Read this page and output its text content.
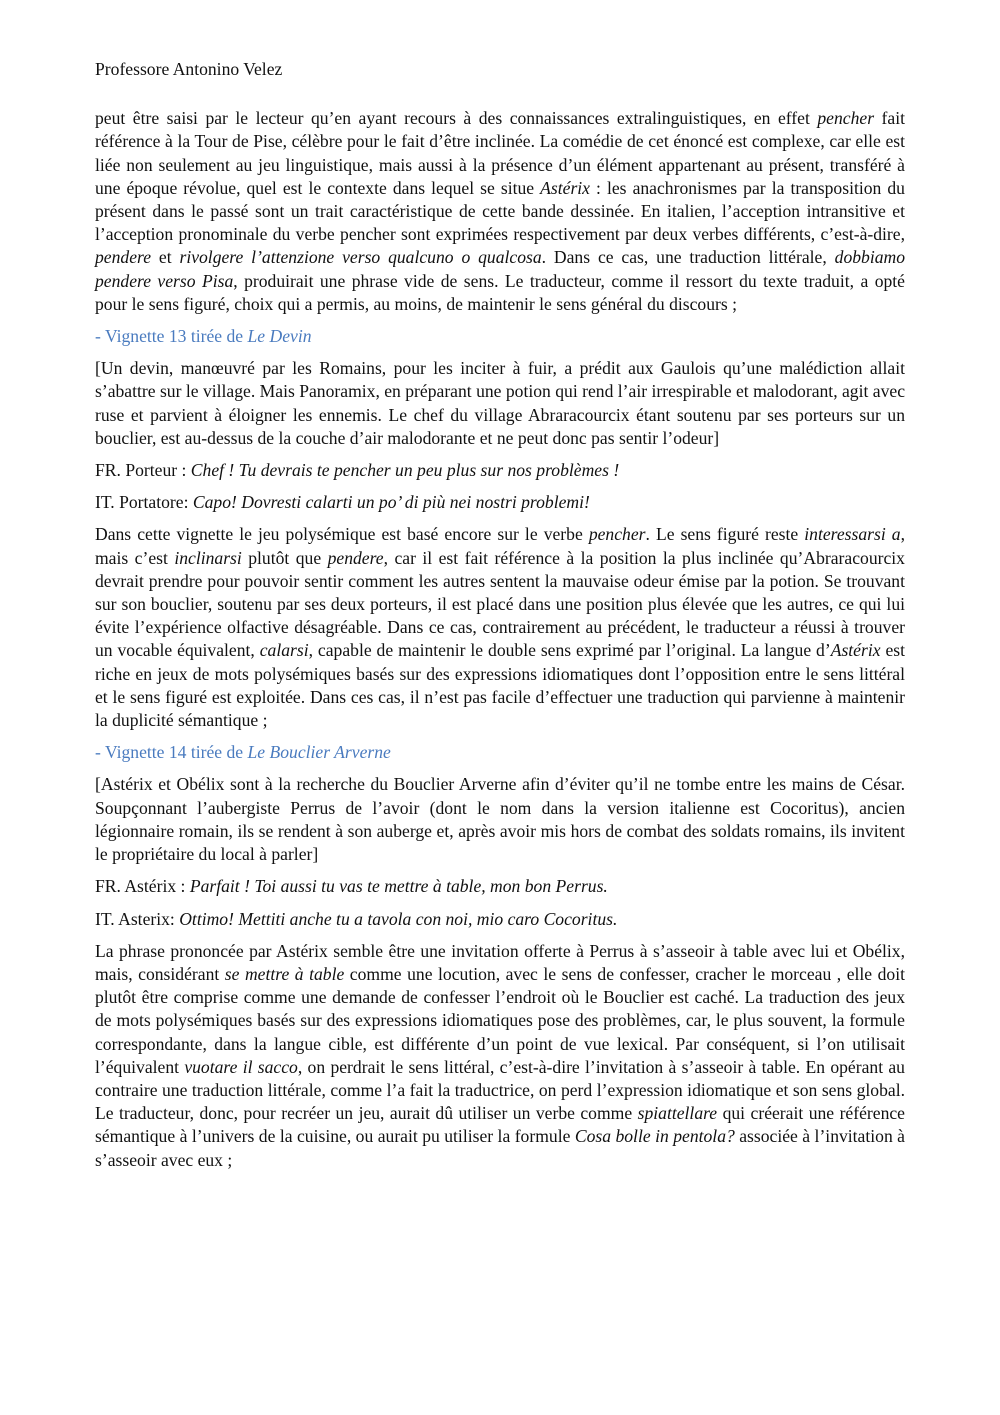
Professore Antonino Velez

peut être saisi par le lecteur qu’en ayant recours à des connaissances extralinguistiques, en effet pencher fait référence à la Tour de Pise, célèbre pour le fait d’être inclinée. La comédie de cet énoncé est complexe, car elle est liée non seulement au jeu linguistique, mais aussi à la présence d’un élément appartenant au présent, transféré à une époque révolue, quel est le contexte dans lequel se situe Astérix : les anachronismes par la transposition du présent dans le passé sont un trait caractéristique de cette bande dessinée. En italien, l’acception intransitive et l’acception pronominale du verbe pencher sont exprimées respectivement par deux verbes différents, c’est-à-dire, pendere et rivolgere l’attenzione verso qualcuno o qualcosa. Dans ce cas, une traduction littérale, dobbiamo pendere verso Pisa, produirait une phrase vide de sens. Le traducteur, comme il ressort du texte traduit, a opté pour le sens figuré, choix qui a permis, au moins, de maintenir le sens général du discours ;

- Vignette 13 tirée de Le Devin

[Un devin, manœuvré par les Romains, pour les inciter à fuir, a prédit aux Gaulois qu’une malédiction allait s’abattre sur le village. Mais Panoramix, en préparant une potion qui rend l’air irrespirable et malodorant, agit avec ruse et parvient à éloigner les ennemis. Le chef du village Abraracourcix étant soutenu par ses porteurs sur un bouclier, est au-dessus de la couche d’air malodorante et ne peut donc pas sentir l’odeur]

FR. Porteur : Chef ! Tu devrais te pencher un peu plus sur nos problèmes !

IT. Portatore: Capo! Dovresti calarti un po’ di più nei nostri problemi!

Dans cette vignette le jeu polysémique est basé encore sur le verbe pencher. Le sens figuré reste interessarsi a, mais c’est inclinarsi plutôt que pendere, car il est fait référence à la position la plus inclinée qu’Abraracourcix devrait prendre pour pouvoir sentir comment les autres sentent la mauvaise odeur émise par la potion. Se trouvant sur son bouclier, soutenu par ses deux porteurs, il est placé dans une position plus élevée que les autres, ce qui lui évite l’expérience olfactive désagréable. Dans ce cas, contrairement au précédent, le traducteur a réussi à trouver un vocable équivalent, calarsi, capable de maintenir le double sens exprimé par l’original. La langue d’Astérix est riche en jeux de mots polysémiques basés sur des expressions idiomatiques dont l’opposition entre le sens littéral et le sens figuré est exploitée. Dans ces cas, il n’est pas facile d’effectuer une traduction qui parvienne à maintenir la duplicité sémantique ;

- Vignette 14 tirée de Le Bouclier Arverne

[Astérix et Obélix sont à la recherche du Bouclier Arverne afin d’éviter qu’il ne tombe entre les mains de César. Soupçonnant l’aubergiste Perrus de l’avoir (dont le nom dans la version italienne est Cocoritus), ancien légionnaire romain, ils se rendent à son auberge et, après avoir mis hors de combat des soldats romains, ils invitent le propriétaire du local à parler]

FR. Astérix : Parfait ! Toi aussi tu vas te mettre à table, mon bon Perrus.

IT. Asterix: Ottimo! Mettiti anche tu a tavola con noi, mio caro Cocoritus.

La phrase prononcée par Astérix semble être une invitation offerte à Perrus à s’asseoir à table avec lui et Obélix, mais, considérant se mettre à table comme une locution, avec le sens de confesser, cracher le morceau , elle doit plutôt être comprise comme une demande de confesser l’endroit où le Bouclier est caché. La traduction des jeux de mots polysémiques basés sur des expressions idiomatiques pose des problèmes, car, le plus souvent, la formule correspondante, dans la langue cible, est différente d’un point de vue lexical. Par conséquent, si l’on utilisait l’équivalent vuotare il sacco, on perdrait le sens littéral, c’est-à-dire l’invitation à s’asseoir à table. En opérant au contraire une traduction littérale, comme l’a fait la traductrice, on perd l’expression idiomatique et son sens global. Le traducteur, donc, pour recréer un jeu, aurait dû utiliser un verbe comme spiattellare qui créerait une référence sémantique à l’univers de la cuisine, ou aurait pu utiliser la formule Cosa bolle in pentola? associée à l’invitation à s’asseoir avec eux ;
